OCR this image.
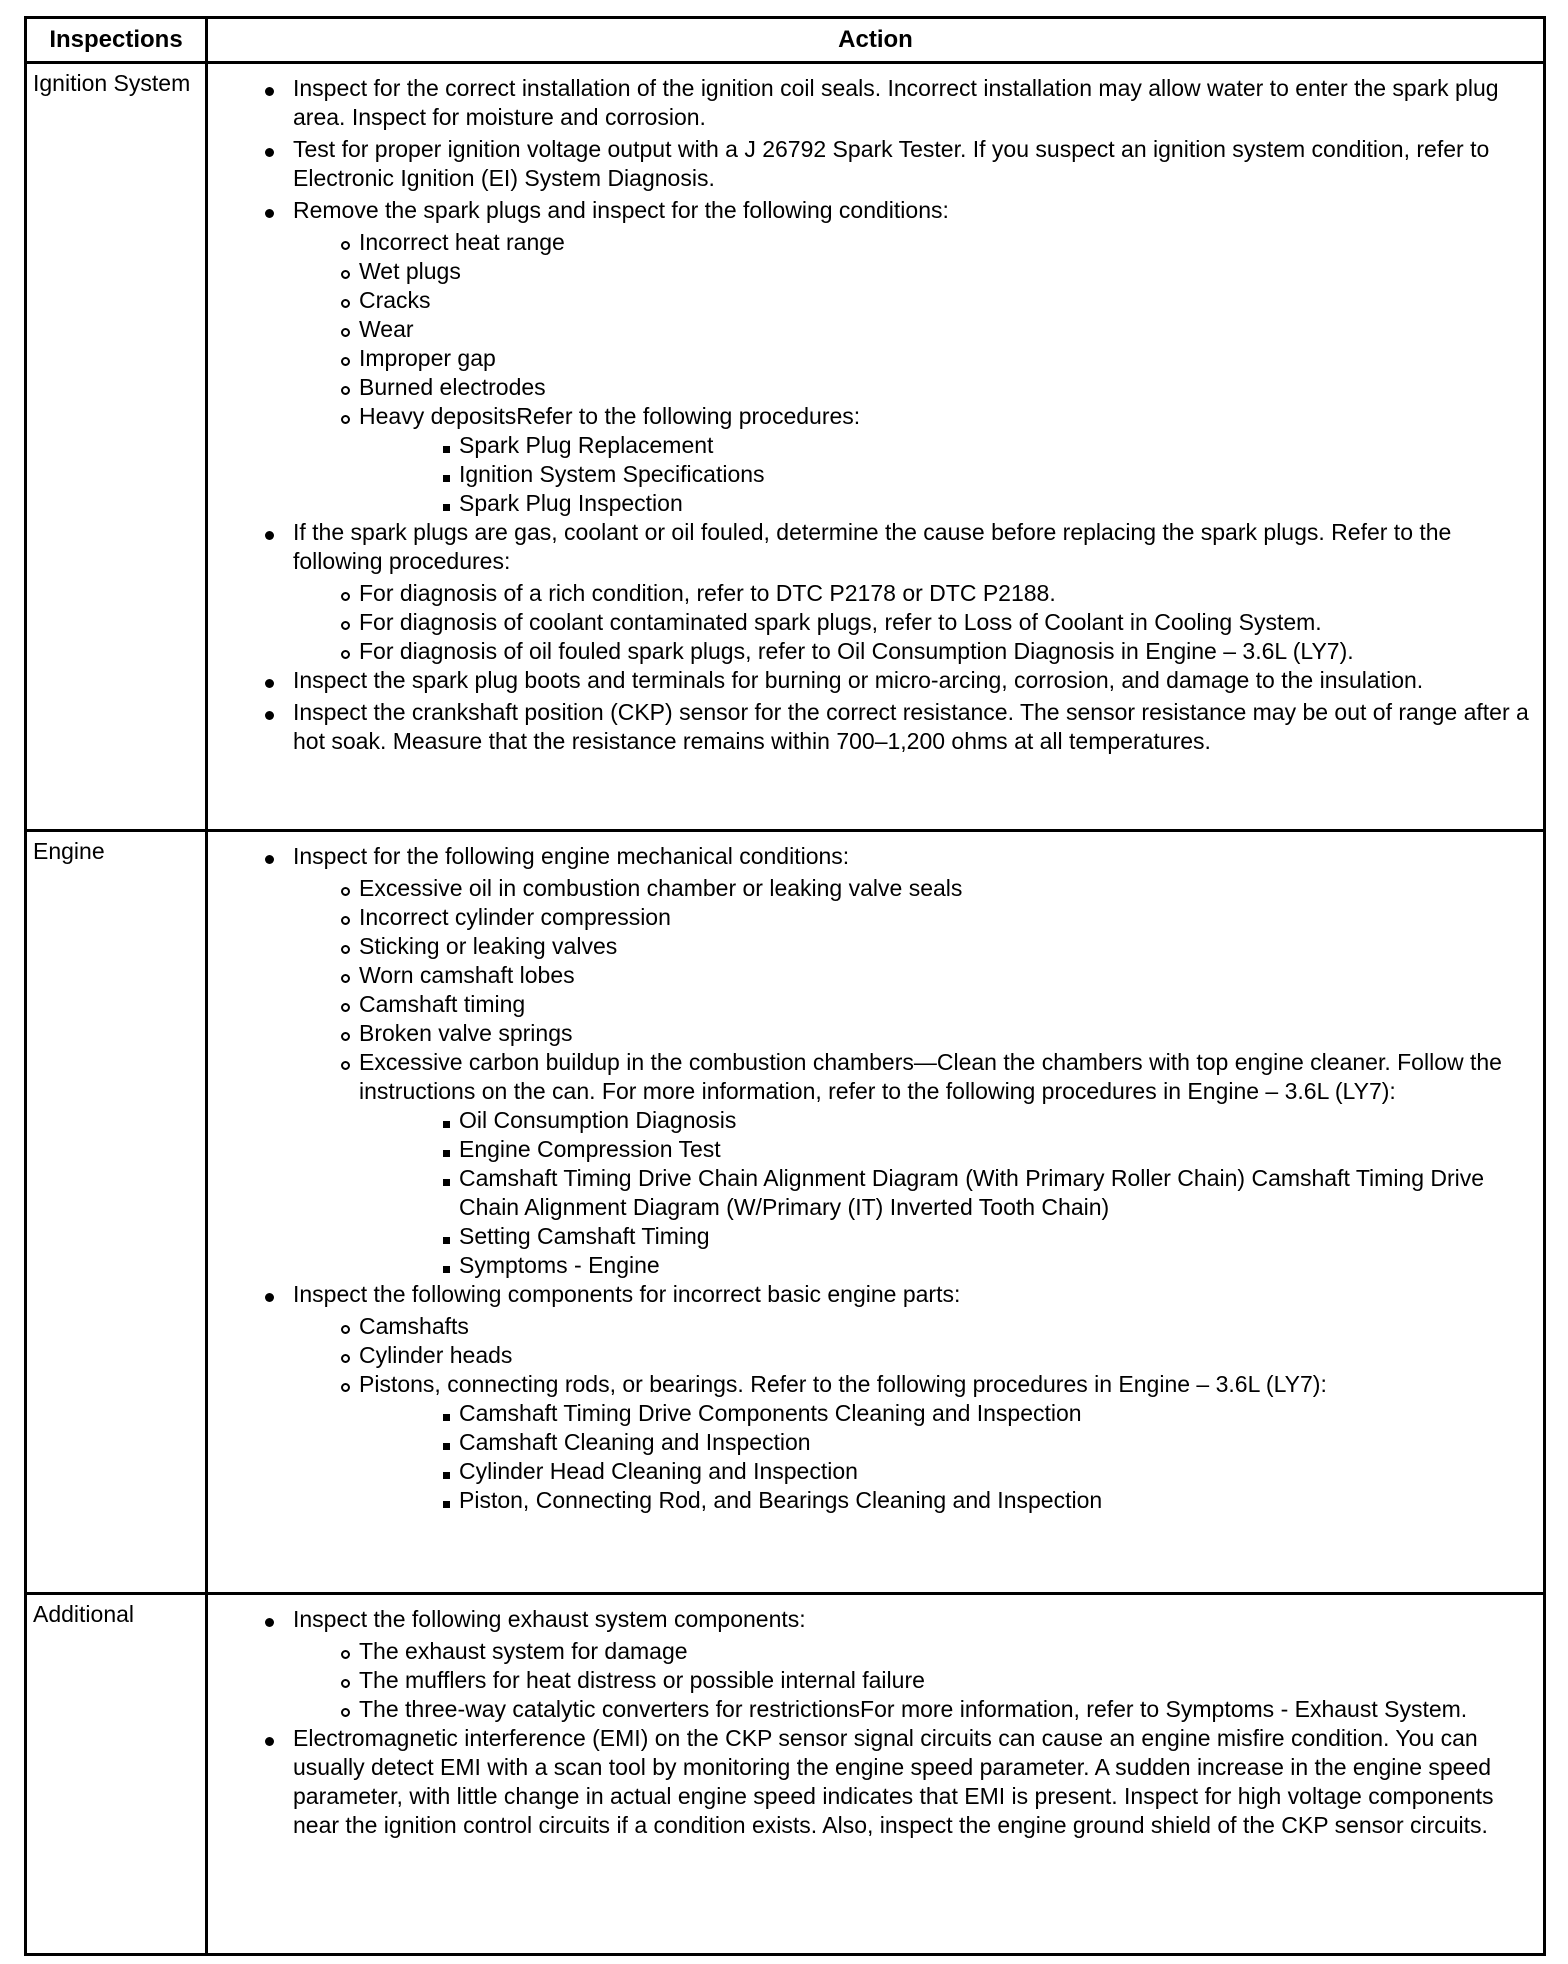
Inspections	Action
Ignition System
Engine
Additional
Inspect for the correct installation of the ignition coil seals. Incorrect installation may allow water to enter the spark plug area. Inspect for moisture and corrosion.
Test for proper ignition voltage output with a J 26792 Spark Tester. If you suspect an ignition system condition, refer to Electronic Ignition (EI) System Diagnosis.
Remove the spark plugs and inspect for the following conditions:
Incorrect heat range
Wet plugs
Cracks
Wear
Improper gap
Burned electrodes
Heavy depositsRefer to the following procedures:
Spark Plug Replacement
Ignition System Specifications
Spark Plug Inspection
If the spark plugs are gas, coolant or oil fouled, determine the cause before replacing the spark plugs. Refer to the following procedures:
For diagnosis of a rich condition, refer to DTC P2178 or DTC P2188.
For diagnosis of coolant contaminated spark plugs, refer to Loss of Coolant in Cooling System.
For diagnosis of oil fouled spark plugs, refer to Oil Consumption Diagnosis in Engine – 3.6L (LY7).
Inspect the spark plug boots and terminals for burning or micro-arcing, corrosion, and damage to the insulation.
Inspect the crankshaft position (CKP) sensor for the correct resistance. The sensor resistance may be out of range after a hot soak. Measure that the resistance remains within 700–1,200 ohms at all temperatures.
Inspect for the following engine mechanical conditions:
Excessive oil in combustion chamber or leaking valve seals
Incorrect cylinder compression
Sticking or leaking valves
Worn camshaft lobes
Camshaft timing
Broken valve springs
Excessive carbon buildup in the combustion chambers—Clean the chambers with top engine cleaner. Follow the instructions on the can. For more information, refer to the following procedures in Engine – 3.6L (LY7):
Oil Consumption Diagnosis
Engine Compression Test
Camshaft Timing Drive Chain Alignment Diagram (With Primary Roller Chain) Camshaft Timing Drive Chain Alignment Diagram (W/Primary (IT) Inverted Tooth Chain)
Setting Camshaft Timing
Symptoms - Engine
Inspect the following components for incorrect basic engine parts:
Camshafts
Cylinder heads
Pistons, connecting rods, or bearings. Refer to the following procedures in Engine – 3.6L (LY7):
Camshaft Timing Drive Components Cleaning and Inspection
Camshaft Cleaning and Inspection
Cylinder Head Cleaning and Inspection
Piston, Connecting Rod, and Bearings Cleaning and Inspection
Inspect the following exhaust system components:
The exhaust system for damage
The mufflers for heat distress or possible internal failure
The three-way catalytic converters for restrictionsFor more information, refer to Symptoms - Exhaust System.
Electromagnetic interference (EMI) on the CKP sensor signal circuits can cause an engine misfire condition. You can usually detect EMI with a scan tool by monitoring the engine speed parameter. A sudden increase in the engine speed parameter, with little change in actual engine speed indicates that EMI is present. Inspect for high voltage components near the ignition control circuits if a condition exists. Also, inspect the engine ground shield of the CKP sensor circuits.
